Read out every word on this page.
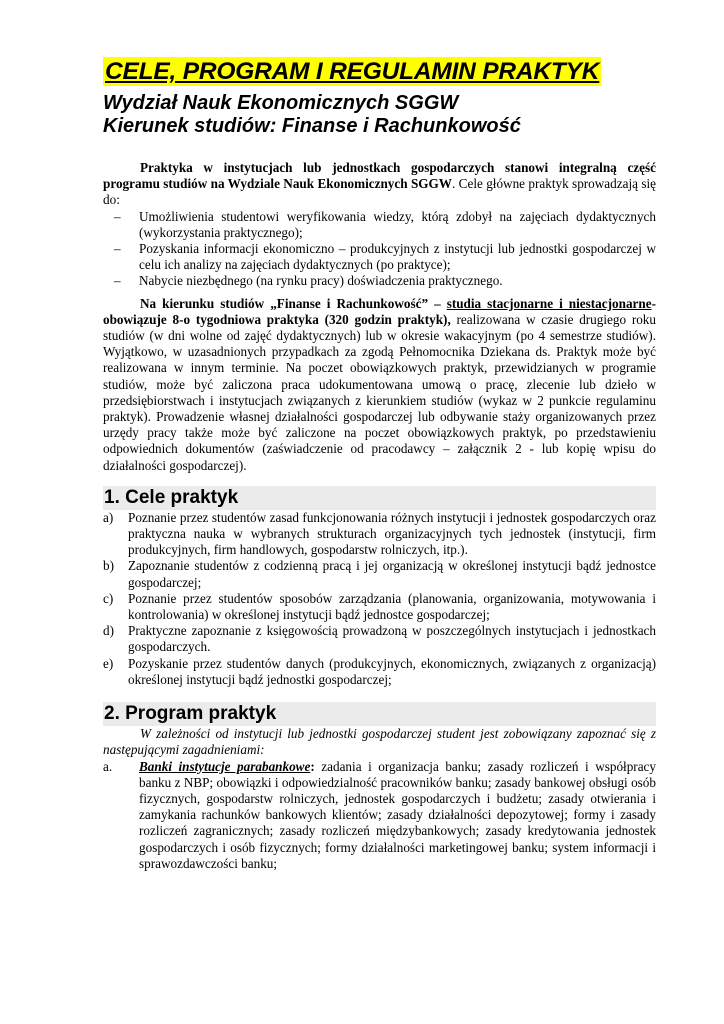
CELE, PROGRAM I REGULAMIN PRAKTYK
Wydział Nauk Ekonomicznych SGGW
Kierunek studiów: Finanse i Rachunkowość

Praktyka w instytucjach lub jednostkach gospodarczych stanowi integralną część programu studiów na Wydziale Nauk Ekonomicznych SGGW. Cele główne praktyk sprowadzają się do:

– Umożliwienia studentowi weryfikowania wiedzy, którą zdobył na zajęciach dydaktycznych (wykorzystania praktycznego);
– Pozyskania informacji ekonomiczno – produkcyjnych z instytucji lub jednostki gospodarczej w celu ich analizy na zajęciach dydaktycznych (po praktyce);
– Nabycie niezbędnego (na rynku pracy) doświadczenia praktycznego.

Na kierunku studiów „Finanse i Rachunkowość” – studia stacjonarne i niestacjonarne- obowiązuje 8-o tygodniowa praktyka (320 godzin praktyk), realizowana w czasie drugiego roku studiów (w dni wolne od zajęć dydaktycznych) lub w okresie wakacyjnym (po 4 semestrze studiów). Wyjątkowo, w uzasadnionych przypadkach za zgodą Pełnomocnika Dziekana ds. Praktyk może być realizowana w innym terminie. Na poczet obowiązkowych praktyk, przewidzianych w programie studiów, może być zaliczona praca udokumentowana umową o pracę, zlecenie lub dzieło w przedsiębiorstwach i instytucjach związanych z kierunkiem studiów (wykaz w 2 punkcie regulaminu praktyk). Prowadzenie własnej działalności gospodarczej lub odbywanie staży organizowanych przez urzędy pracy także może być zaliczone na poczet obowiązkowych praktyk, po przedstawieniu odpowiednich dokumentów (zaświadczenie od pracodawcy – załącznik 2 - lub kopię wpisu do działalności gospodarczej).

1. Cele praktyk
a) Poznanie przez studentów zasad funkcjonowania różnych instytucji i jednostek gospodarczych oraz praktyczna nauka w wybranych strukturach organizacyjnych tych jednostek (instytucji, firm produkcyjnych, firm handlowych, gospodarstw rolniczych, itp.).
b) Zapoznanie studentów z codzienną pracą i jej organizacją w określonej instytucji bądź jednostce gospodarczej;
c) Poznanie przez studentów sposobów zarządzania (planowania, organizowania, motywowania i kontrolowania) w określonej instytucji bądź jednostce gospodarczej;
d) Praktyczne zapoznanie z księgowością prowadzoną w poszczególnych instytucjach i jednostkach gospodarczych.
e) Pozyskanie przez studentów danych (produkcyjnych, ekonomicznych, związanych z organizacją) określonej instytucji bądź jednostki gospodarczej;
2. Program praktyk

W zależności od instytucji lub jednostki gospodarczej student jest zobowiązany zapoznać się z następującymi zagadnieniami:

a. Banki instytucje parabankowe: zadania i organizacja banku; zasady rozliczeń i współpracy banku z NBP; obowiązki i odpowiedzialność pracowników banku; zasady bankowej obsługi osób fizycznych, gospodarstw rolniczych, jednostek gospodarczych i budżetu; zasady otwierania i zamykania rachunków bankowych klientów; zasady działalności depozytowej; formy i zasady rozliczeń zagranicznych; zasady rozliczeń międzybankowych; zasady kredytowania jednostek gospodarczych i osób fizycznych; formy działalności marketingowej banku; system informacji i sprawozdawczości banku;
